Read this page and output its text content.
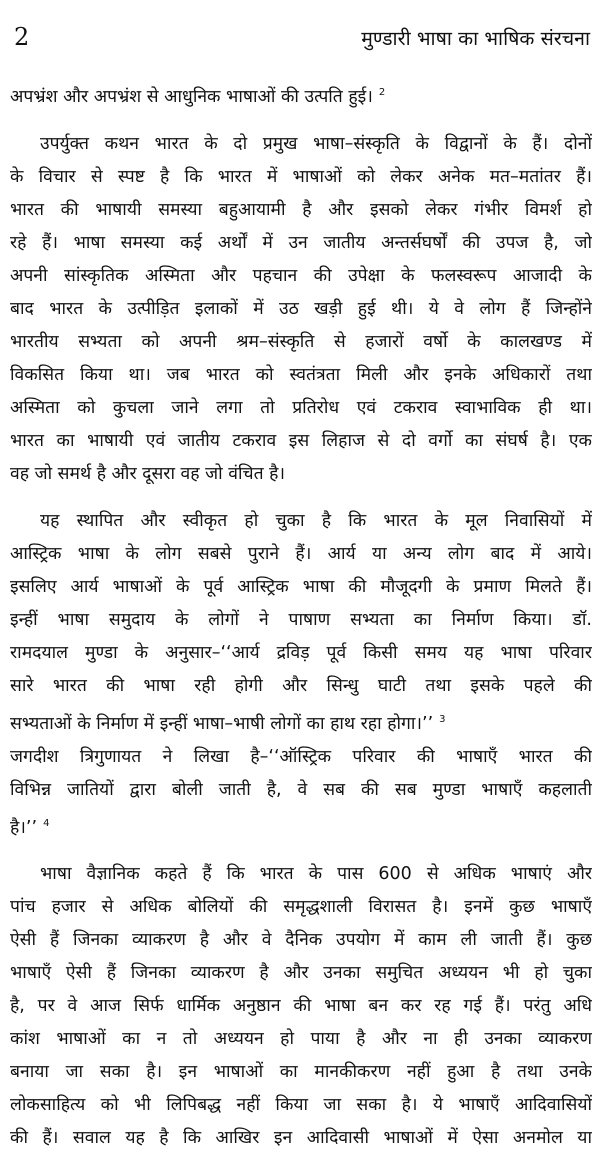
2	मुण्डारी भाषा का भाषिक संरचना

अपभ्रंश और अपभ्रंश से आधुनिक भाषाओं की उत्पति हुई। $^2$

उपर्युक्त कथन भारत के दो प्रमुख भाषा–संस्कृति के विद्वानों के हैं। दोनों
के विचार से स्पष्ट है कि भारत में भाषाओं को लेकर अनेक मत–मतांतर हैं।
भारत की भाषायी समस्या बहुआयामी है और इसको लेकर गंभीर विमर्श हो
रहे हैं। भाषा समस्या कई अर्थों में उन जातीय अन्तर्सघर्षों की उपज है, जो
अपनी सांस्कृतिक अस्मिता और पहचान की उपेक्षा के फलस्वरूप आजादी के
बाद भारत के उत्पीड़ित इलाकों में उठ खड़ी हुई थी। ये वे लोग हैं जिन्होंने
भारतीय सभ्यता को अपनी श्रम–संस्कृति से हजारों वर्षो के कालखण्ड में
विकसित किया था। जब भारत को स्वतंत्रता मिली और इनके अधिकारों तथा
अस्मिता को कुचला जाने लगा तो प्रतिरोध एवं टकराव स्वाभाविक ही था।
भारत का भाषायी एवं जातीय टकराव इस लिहाज से दो वर्गो का संघर्ष है। एक
वह जो समर्थ है और दूसरा वह जो वंचित है।

यह स्थापित और स्वीकृत हो चुका है कि भारत के मूल निवासियों में
आस्ट्रिक भाषा के लोग सबसे पुराने हैं। आर्य या अन्य लोग बाद में आये।
इसलिए आर्य भाषाओं के पूर्व आस्ट्रिक भाषा की मौजूदगी के प्रमाण मिलते हैं।
इन्हीं भाषा समुदाय के लोगों ने पाषाण सभ्यता का निर्माण किया। डॉ.
रामदयाल मुण्डा के अनुसार–‘‘आर्य द्रविड़ पूर्व किसी समय यह भाषा परिवार
सारे भारत की भाषा रही होगी और सिन्धु घाटी तथा इसके पहले की
सभ्यताओं के निर्माण में इन्हीं भाषा–भाषी लोगों का हाथ रहा होगा।’’ $^3$
जगदीश त्रिगुणायत ने लिखा है–‘‘ऑस्ट्रिक परिवार की भाषाएँ भारत की
विभिन्न जातियों द्वारा बोली जाती है, वे सब की सब मुण्डा भाषाएँ कहलाती
है।’’ $^4$

भाषा वैज्ञानिक कहते हैं कि भारत के पास 600 से अधिक भाषाएं और
पांच हजार से अधिक बोलियों की समृद्धशाली विरासत है। इनमें कुछ भाषाएँ
ऐसी हैं जिनका व्याकरण है और वे दैनिक उपयोग में काम ली जाती हैं। कुछ
भाषाएँ ऐसी हैं जिनका व्याकरण है और उनका समुचित अध्ययन भी हो चुका
है, पर वे आज सिर्फ धार्मिक अनुष्ठान की भाषा बन कर रह गई हैं। परंतु अधि
कांश भाषाओं का न तो अध्ययन हो पाया है और ना ही उनका व्याकरण
बनाया जा सका है। इन भाषाओं का मानकीकरण नहीं हुआ है तथा उनके
लोकसाहित्य को भी लिपिबद्ध नहीं किया जा सका है। ये भाषाएँ आदिवासियों
की हैं। सवाल यह है कि आखिर इन आदिवासी भाषाओं में ऐसा अनमोल या
